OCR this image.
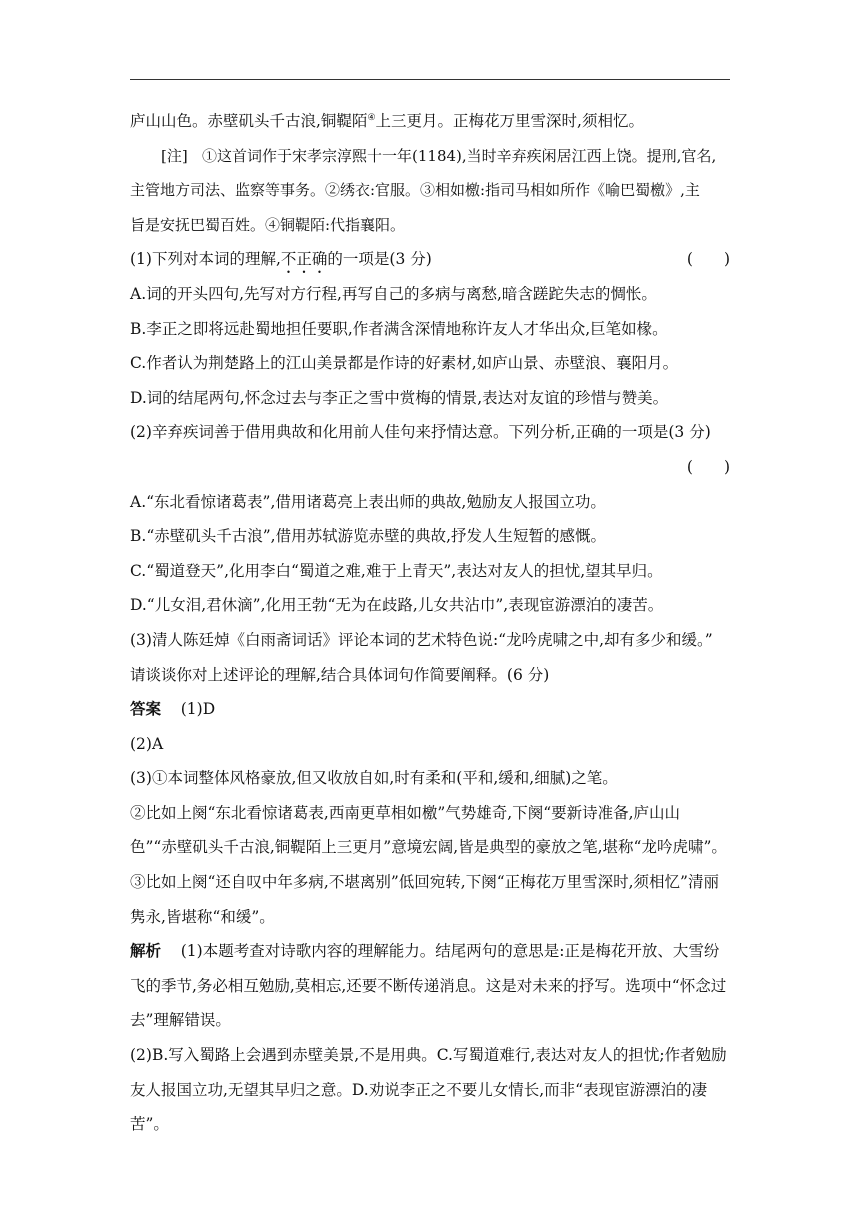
庐山山色。赤壁矶头千古浪,铜鞮陌④上三更月。正梅花万里雪深时,须相忆。
[注] ①这首词作于宋孝宗淳熙十一年(1184),当时辛弃疾闲居江西上饶。提刑,官名,
主管地方司法、监察等事务。②绣衣:官服。③相如檄:指司马相如所作《喻巴蜀檄》,主
旨是安抚巴蜀百姓。④铜鞮陌:代指襄阳。
(1)下列对本词的理解,不正确的一项是(3 分)	(　　)
A.词的开头四句,先写对方行程,再写自己的多病与离愁,暗含蹉跎失志的惆怅。
B.李正之即将远赴蜀地担任要职,作者满含深情地称许友人才华出众,巨笔如椽。
C.作者认为荆楚路上的江山美景都是作诗的好素材,如庐山景、赤壁浪、襄阳月。
D.词的结尾两句,怀念过去与李正之雪中赏梅的情景,表达对友谊的珍惜与赞美。
(2)辛弃疾词善于借用典故和化用前人佳句来抒情达意。下列分析,正确的一项是(3 分)
(　　)
A.“东北看惊诸葛表”,借用诸葛亮上表出师的典故,勉励友人报国立功。
B.“赤壁矶头千古浪”,借用苏轼游览赤壁的典故,抒发人生短暂的感慨。
C.“蜀道登天”,化用李白“蜀道之难,难于上青天”,表达对友人的担忧,望其早归。
D.“儿女泪,君休滴”,化用王勃“无为在歧路,儿女共沾巾”,表现宦游漂泊的凄苦。
(3)清人陈廷焯《白雨斋词话》评论本词的艺术特色说:“龙吟虎啸之中,却有多少和缓。”
请谈谈你对上述评论的理解,结合具体词句作简要阐释。(6 分)
答案 (1)D
(2)A
(3)①本词整体风格豪放,但又收放自如,时有柔和(平和,缓和,细腻)之笔。
②比如上阕“东北看惊诸葛表,西南更草相如檄”气势雄奇,下阕“要新诗准备,庐山山
色”“赤壁矶头千古浪,铜鞮陌上三更月”意境宏阔,皆是典型的豪放之笔,堪称“龙吟虎啸”。
③比如上阕“还自叹中年多病,不堪离别”低回宛转,下阕“正梅花万里雪深时,须相忆”清丽
隽永,皆堪称“和缓”。
解析 (1)本题考查对诗歌内容的理解能力。结尾两句的意思是:正是梅花开放、大雪纷
飞的季节,务必相互勉励,莫相忘,还要不断传递消息。这是对未来的抒写。选项中“怀念过
去”理解错误。
(2)B.写入蜀路上会遇到赤壁美景,不是用典。C.写蜀道难行,表达对友人的担忧;作者勉励
友人报国立功,无望其早归之意。D.劝说李正之不要儿女情长,而非“表现宦游漂泊的凄
苦”。
